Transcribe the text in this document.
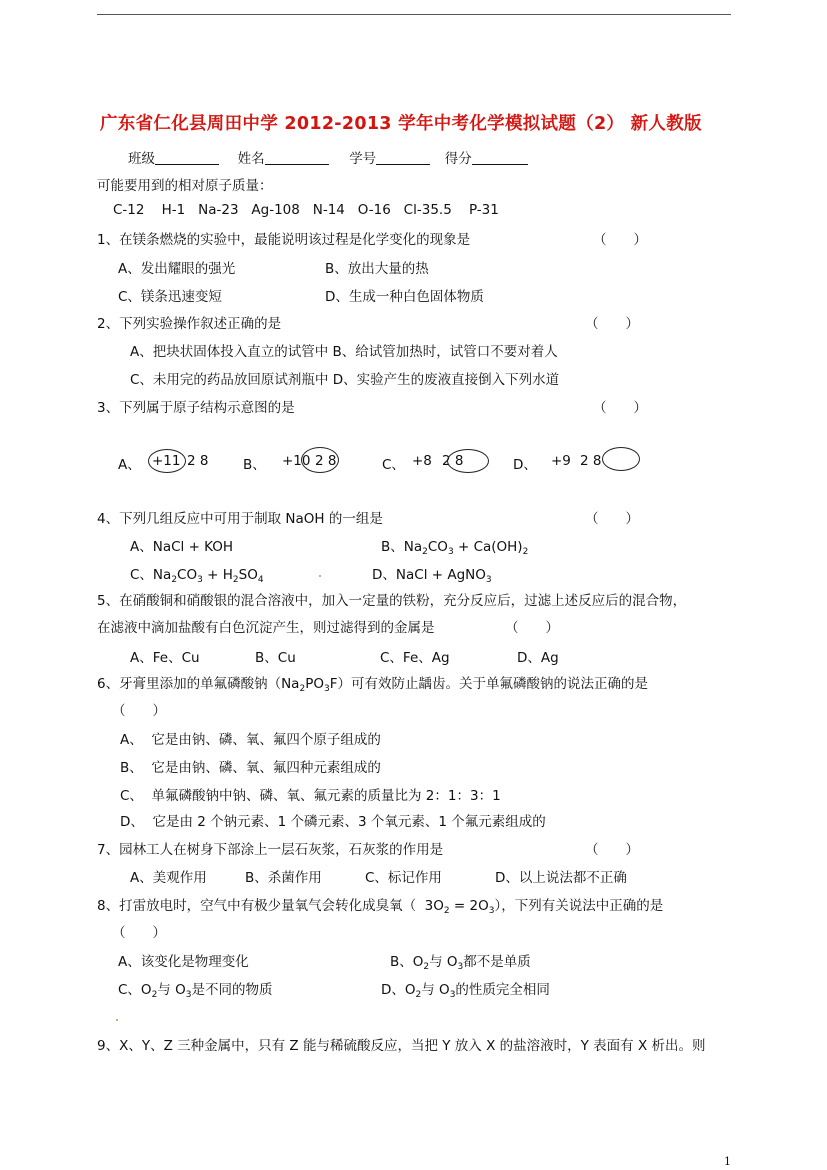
广东省仁化县周田中学 2012-2013 学年中考化学模拟试题（2） 新人教版
班级	姓名	学号	得分
可能要用到的相对原子质量：
C-12    H-1   Na-23   Ag-108   N-14   O-16   Cl-35.5    P-31
1、在镁条燃烧的实验中，最能说明该过程是化学变化的现象是	（　　）
A、发出耀眼的强光	B、放出大量的热
C、镁条迅速变短	D、生成一种白色固体物质
2、下列实验操作叙述正确的是	（　　）
A、把块状固体投入直立的试管中 B、给试管加热时，试管口不要对着人
C、未用完的药品放回原试剂瓶中 D、实验产生的废液直接倒入下列水道
3、下列属于原子结构示意图的是	（　　）
A、 +11 2 8	B、 +10 2 8	C、 +8 2 8	D、 +9 2 8
4、下列几组反应中可用于制取 NaOH 的一组是	（　　）
A、NaCl + KOH	B、$Na_2CO_3 + Ca(OH)_2$
C、$Na_2CO_3 + H_2SO_4$	D、NaCl + AgNO$_3$
5、在硝酸铜和硝酸银的混合溶液中，加入一定量的铁粉，充分反应后，过滤上述反应后的混合物，
在滤液中滴加盐酸有白色沉淀产生，则过滤得到的金属是	（　　）
A、Fe、Cu	B、Cu	C、Fe、Ag	D、Ag
6、牙膏里添加的单氟磷酸钠$(Na_2PO_3F)$可有效防止龋齿。关于单氟磷酸钠的说法正确的是
（　　）
A、  它是由钠、磷、氧、氟四个原子组成的
B、  它是由钠、磷、氧、氟四种元素组成的
C、  单氟磷酸钠中钠、磷、氧、氟元素的质量比为 2：1：3：1
D、  它是由 2 个钠元素、1 个磷元素、3 个氧元素、1 个氟元素组成的
7、园林工人在树身下部涂上一层石灰浆，石灰浆的作用是	（　　）
A、美观作用	B、杀菌作用	C、标记作用	D、以上说法都不正确
8、打雷放电时，空气中有极少量氧气会转化成臭氧（  $3O_2 = 2O_3$），下列有关说法中正确的是
（　　）
A、该变化是物理变化	B、$O_2$与 $O_3$都不是单质
C、$O_2$与 $O_3$是不同的物质	D、$O_2$与 $O_3$的性质完全相同
9、X、Y、Z 三种金属中，只有 Z 能与稀硫酸反应，当把 Y 放入 X 的盐溶液时，Y 表面有 X 析出。则
1
